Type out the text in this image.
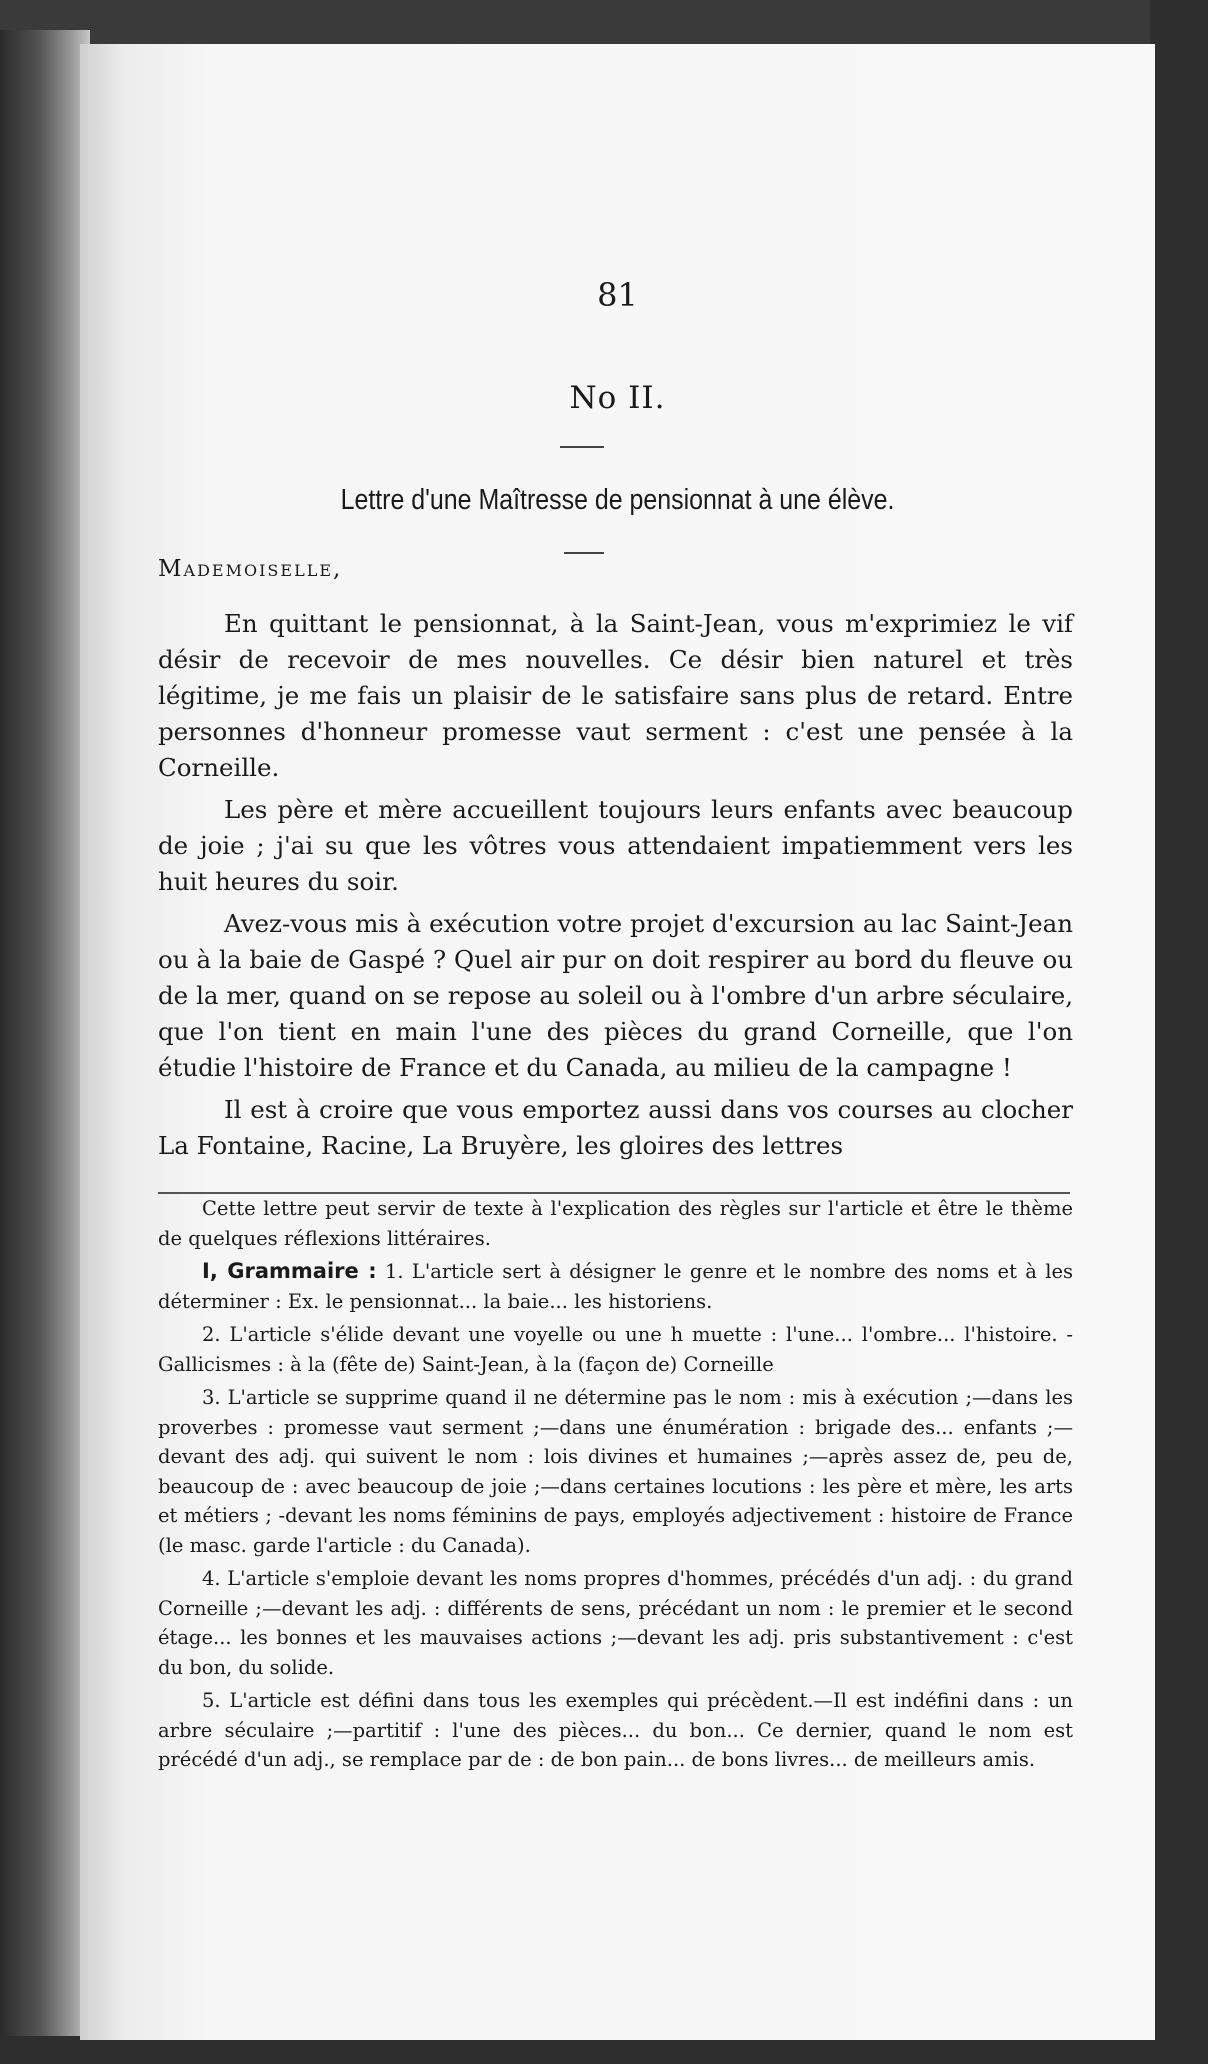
81
No II.
Lettre d'une Maîtresse de pensionnat à une élève.
Mademoiselle,

En quittant le pensionnat, à la Saint-Jean, vous m'exprimiez le vif désir de recevoir de mes nouvelles. Ce désir bien naturel et très légitime, je me fais un plaisir de le satisfaire sans plus de retard. Entre personnes d'honneur promesse vaut serment : c'est une pensée à la Corneille.

Les père et mère accueillent toujours leurs enfants avec beaucoup de joie ; j'ai su que les vôtres vous attendaient impatiemment vers les huit heures du soir.

Avez-vous mis à exécution votre projet d'excursion au lac Saint-Jean ou à la baie de Gaspé ? Quel air pur on doit respirer au bord du fleuve ou de la mer, quand on se repose au soleil ou à l'ombre d'un arbre séculaire, que l'on tient en main l'une des pièces du grand Corneille, que l'on étudie l'histoire de France et du Canada, au milieu de la campagne !

Il est à croire que vous emportez aussi dans vos courses au clocher La Fontaine, Racine, La Bruyère, les gloires des lettres

Cette lettre peut servir de texte à l'explication des règles sur l'article et être le thème de quelques réflexions littéraires.

I, Grammaire : 1. L'article sert à désigner le genre et le nombre des noms et à les déterminer : Ex. le pensionnat... la baie... les historiens.

2. L'article s'élide devant une voyelle ou une h muette : l'une... l'ombre... l'histoire. - Gallicismes : à la (fête de) Saint-Jean, à la (façon de) Corneille

3. L'article se supprime quand il ne détermine pas le nom : mis à exécution ;—dans les proverbes : promesse vaut serment ;—dans une énumération : brigade des... enfants ;—devant des adj. qui suivent le nom : lois divines et humaines ;—après assez de, peu de, beaucoup de : avec beaucoup de joie ;—dans certaines locutions : les père et mère, les arts et métiers ; -devant les noms féminins de pays, employés adjectivement : histoire de France (le masc. garde l'article : du Canada).

4. L'article s'emploie devant les noms propres d'hommes, précédés d'un adj. : du grand Corneille ;—devant les adj. : différents de sens, précédant un nom : le premier et le second étage... les bonnes et les mauvaises actions ;—devant les adj. pris substantivement : c'est du bon, du solide.

5. L'article est défini dans tous les exemples qui précèdent.—Il est indéfini dans : un arbre séculaire ;—partitif : l'une des pièces... du bon... Ce dernier, quand le nom est précédé d'un adj., se remplace par de : de bon pain... de bons livres... de meilleurs amis.
